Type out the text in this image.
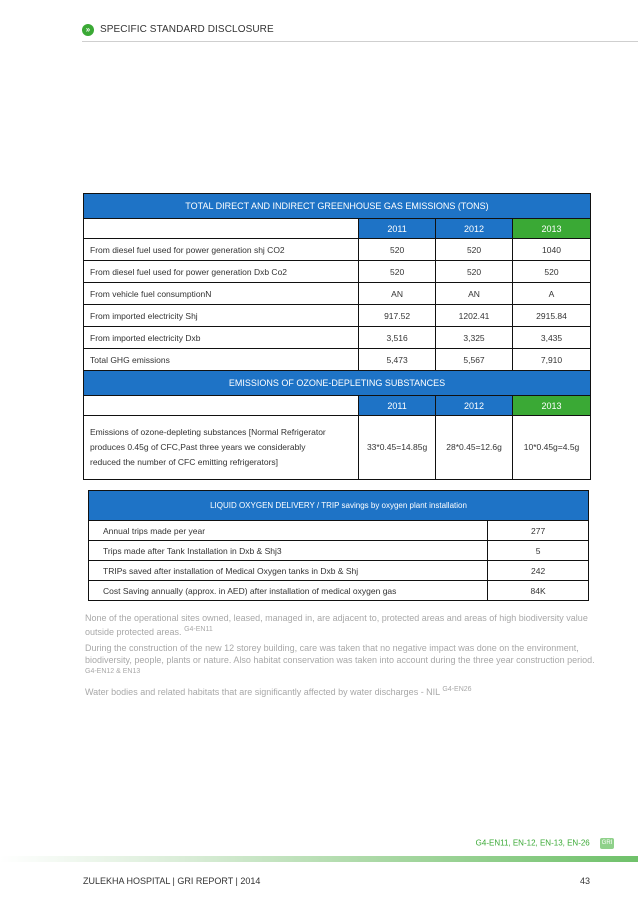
» SPECIFIC STANDARD DISCLOSURE
TOTAL DIRECT AND INDIRECT GREENHOUSE GAS EMISSIONS (TONS)			
	2011	2012	2013
From diesel fuel used for power generation shj CO2	520	520	1040
From diesel fuel used for power generation Dxb Co2	520	520	520
From vehicle fuel consumptionN	AN	AN	A
From imported electricity Shj	917.52	1202.41	2915.84
From imported electricity Dxb	3,516	3,325	3,435
Total GHG emissions	5,473	5,567	7,910
EMISSIONS OF OZONE-DEPLETING SUBSTANCES			
	2011	2012	2013

Emissions of ozone-depleting substances [Normal Refrigerator
produces 0.45g of CFC,Past three years we considerably
reduced the number of CFC emitting refrigerators]	33*0.45=14.85g	28*0.45=12.6g	10*0.45g=4.5g
LIQUID OXYGEN DELIVERY / TRIP savings by oxygen plant installation	
Annual trips made per year	277
Trips made after Tank Installation in Dxb & Shj3	5
TRIPs saved after installation of Medical Oxygen tanks in Dxb & Shj	242
Cost Saving annually (approx. in AED) after installation of medical oxygen gas	84K

None of the operational sites owned, leased, managed in, are adjacent to, protected areas and areas of high biodiversity value outside protected areas. $^{G4-EN11}$

During the construction of the new 12 storey building, care was taken that no negative impact was done on the environment, biodiversity, people, plants or nature. Also habitat conservation was taken into account during the three year construction period. $^{G4-EN12 \& EN13}$

Water bodies and related habitats that are significantly affected by water discharges - NIL $^{G4-EN26}$

G4-EN11, EN-12, EN-13, EN-26 GRI
ZULEKHA HOSPITAL | GRI REPORT | 2014	43
